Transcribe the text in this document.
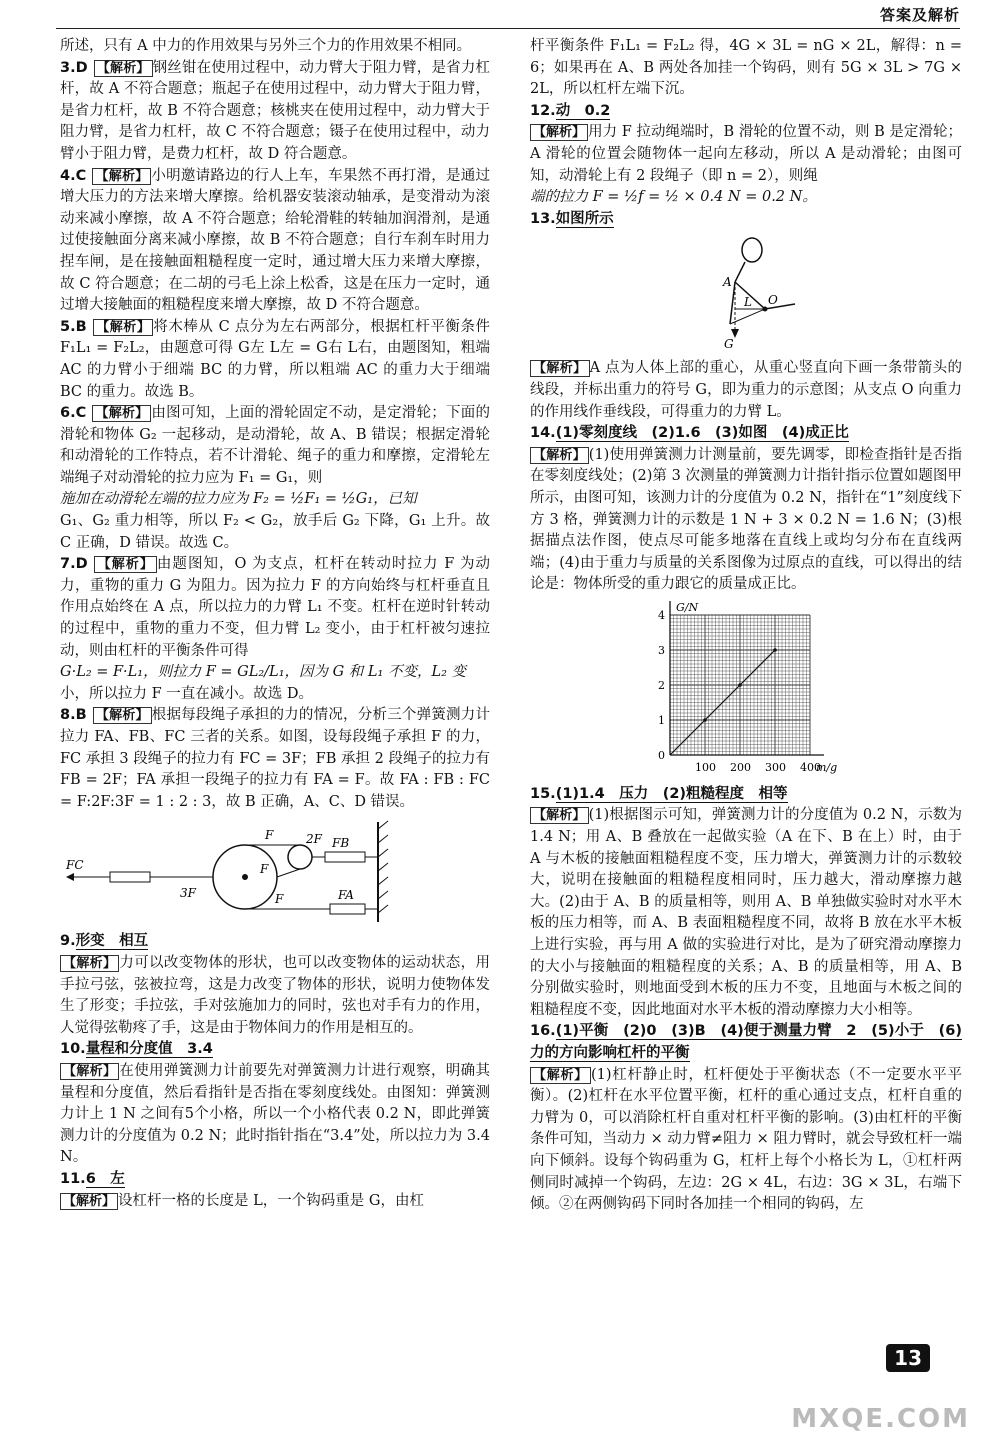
答案及解析

所述，只有 A 中力的作用效果与另外三个力的作用效果不相同。

3.D 【解析】 钢丝钳在使用过程中，动力臂大于阻力臂，是省力杠杆，故 A 不符合题意；瓶起子在使用过程中，动力臂大于阻力臂，是省力杠杆，故 B 不符合题意；核桃夹在使用过程中，动力臂大于阻力臂，是省力杠杆，故 C 不符合题意；镊子在使用过程中，动力臂小于阻力臂，是费力杠杆，故 D 符合题意。

4.C 【解析】 小明邀请路边的行人上车，车果然不再打滑，是通过增大压力的方法来增大摩擦。给机器安装滚动轴承，是变滑动为滚动来减小摩擦，故 A 不符合题意；给轮滑鞋的转轴加润滑剂，是通过使接触面分离来减小摩擦，故 B 不符合题意；自行车刹车时用力捏车闸，是在接触面粗糙程度一定时，通过增大压力来增大摩擦，故 C 符合题意；在二胡的弓毛上涂上松香，这是在压力一定时，通过增大接触面的粗糙程度来增大摩擦，故 D 不符合题意。

5.B 【解析】 将木棒从 C 点分为左右两部分，根据杠杆平衡条件 F₁L₁ = F₂L₂，由题意可得 G左 L左 = G右 L右，由题图知，粗端 AC 的力臂小于细端 BC 的力臂，所以粗端 AC 的重力大于细端 BC 的重力。故选 B。

6.C 【解析】 由图可知，上面的滑轮固定不动，是定滑轮；下面的滑轮和物体 G₂ 一起移动，是动滑轮，故 A、B 错误；根据定滑轮和动滑轮的工作特点，若不计滑轮、绳子的重力和摩擦，定滑轮左端绳子对动滑轮的拉力应为 F₁ = G₁，则

施加在动滑轮左端的拉力应为 F₂ = ½F₁ = ½G₁，已知

G₁、G₂ 重力相等，所以 F₂ < G₂，放手后 G₂ 下降，G₁ 上升。故 C 正确，D 错误。故选 C。

7.D 【解析】 由题图知，O 为支点，杠杆在转动时拉力 F 为动力，重物的重力 G 为阻力。因为拉力 F 的方向始终与杠杆垂直且作用点始终在 A 点，所以拉力的力臂 L₁ 不变。杠杆在逆时针转动的过程中，重物的重力不变，但力臂 L₂ 变小，由于杠杆被匀速拉动，则由杠杆的平衡条件可得

G·L₂ = F·L₁，则拉力 F = GL₂/L₁，因为 G 和 L₁ 不变，L₂ 变

小，所以拉力 F 一直在减小。故选 D。

8.B 【解析】 根据每段绳子承担的力的情况，分析三个弹簧测力计拉力 FA、FB、FC 三者的关系。如图，设每段绳子承担 F 的力，FC 承担 3 段绳子的拉力有 FC = 3F；FB 承担 2 段绳子的拉力有 FB = 2F；FA 承担一段绳子的拉力有 FA = F。故 FA : FB : FC = F:2F:3F = 1 : 2 : 3，故 B 正确，A、C、D 错误。

FC
3F
F
F
F
2F FB
FA

9.形变　相互

【解析】 力可以改变物体的形状，也可以改变物体的运动状态，用手拉弓弦，弦被拉弯，这是力改变了物体的形状，说明力使物体发生了形变；手拉弦，手对弦施加力的同时，弦也对手有力的作用，人觉得弦勒疼了手，这是由于物体间力的作用是相互的。

10.量程和分度值　3.4

【解析】 在使用弹簧测力计前要先对弹簧测力计进行观察，明确其量程和分度值，然后看指针是否指在零刻度线处。由图知：弹簧测力计上 1 N 之间有5个小格，所以一个小格代表 0.2 N，即此弹簧测力计的分度值为 0.2 N；此时指针指在“3.4”处，所以拉力为 3.4 N。

11.6　左

【解析】 设杠杆一格的长度是 L，一个钩码重是 G，由杠

杆平衡条件 F₁L₁ = F₂L₂ 得，4G × 3L = nG × 2L，解得：n = 6；如果再在 A、B 两处各加挂一个钩码，则有 5G × 3L > 7G × 2L，所以杠杆左端下沉。

12.动　0.2

【解析】 用力 F 拉动绳端时，B 滑轮的位置不动，则 B 是定滑轮；A 滑轮的位置会随物体一起向左移动，所以 A 是动滑轮；由图可知，动滑轮上有 2 段绳子（即 n = 2），则绳

端的拉力 F = ½f = ½ × 0.4 N = 0.2 N。

13.如图所示

A
L O
G

【解析】 A 点为人体上部的重心，从重心竖直向下画一条带箭头的线段，并标出重力的符号 G，即为重力的示意图；从支点 O 向重力的作用线作垂线段，可得重力的力臂 L。

14.(1)零刻度线　(2)1.6　(3)如图　(4)成正比

【解析】 (1)使用弹簧测力计测量前，要先调零，即检查指针是否指在零刻度线处；(2)第 3 次测量的弹簧测力计指针指示位置如题图甲所示，由图可知，该测力计的分度值为 0.2 N，指针在“1”刻度线下方 3 格，弹簧测力计的示数是 1 N + 3 × 0.2 N = 1.6 N；(3)根据描点法作图，使点尽可能多地落在直线上或均匀分布在直线两端；(4)由于重力与质量的关系图像为过原点的直线，可以得出的结论是：物体所受的重力跟它的质量成正比。

G/N
m/g
0
1
2
3
4
100 200 300 400

15.(1)1.4　压力　(2)粗糙程度　相等

【解析】 (1)根据图示可知，弹簧测力计的分度值为 0.2 N，示数为 1.4 N；用 A、B 叠放在一起做实验（A 在下、B 在上）时，由于 A 与木板的接触面粗糙程度不变，压力增大，弹簧测力计的示数较大，说明在接触面的粗糙程度相同时，压力越大，滑动摩擦力越大。(2)由于 A、B 的质量相等，则用 A、B 单独做实验时对水平木板的压力相等，而 A、B 表面粗糙程度不同，故将 B 放在水平木板上进行实验，再与用 A 做的实验进行对比，是为了研究滑动摩擦力的大小与接触面的粗糙程度的关系；A、B 的质量相等，用 A、B 分别做实验时，则地面受到木板的压力不变，且地面与木板之间的粗糙程度不变，因此地面对水平木板的滑动摩擦力大小相等。

16.(1)平衡　(2)0　(3)B　(4)便于测量力臂　2　(5)小于　(6)力的方向影响杠杆的平衡

【解析】 (1)杠杆静止时，杠杆便处于平衡状态（不一定要水平平衡）。(2)杠杆在水平位置平衡，杠杆的重心通过支点，杠杆自重的力臂为 0，可以消除杠杆自重对杠杆平衡的影响。(3)由杠杆的平衡条件可知，当动力 × 动力臂≠阻力 × 阻力臂时，就会导致杠杆一端向下倾斜。设每个钩码重为 G，杠杆上每个小格长为 L，①杠杆两侧同时减掉一个钩码，左边：2G × 4L，右边：3G × 3L，右端下倾。②在两侧钩码下同时各加挂一个相同的钩码，左

13
MXQE.COM
